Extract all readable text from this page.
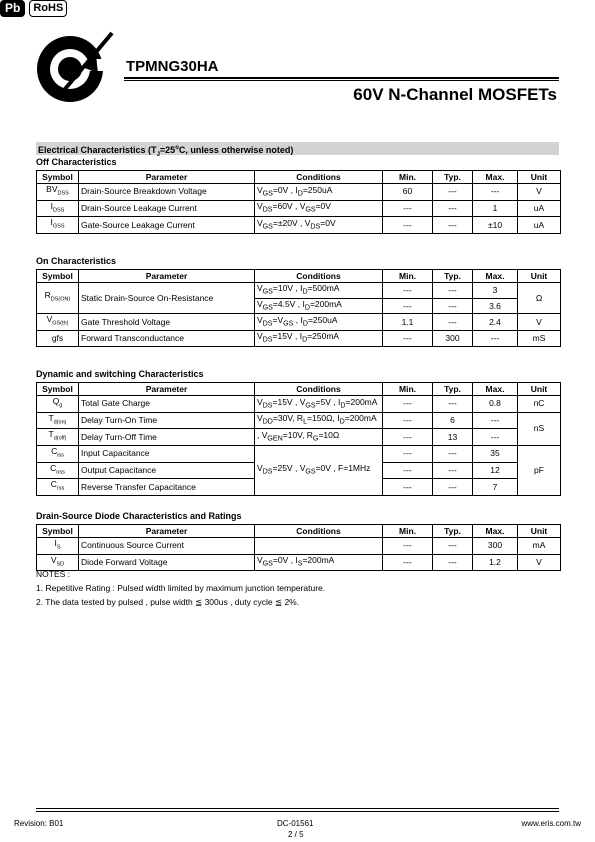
TPMNG30HA
60V N-Channel MOSFETs
Pb	RoHS
Electrical Characteristics ($T_J=25^oC$, unless otherwise noted)
Off Characteristics
Symbol	Parameter	Conditions	Min.	Typ.	Max.	Unit
$BV_{DSS}$	Drain-Source Breakdown Voltage	$V_{GS}=0V$ , $I_D=250uA$	60	---	---	V
$I_{DSS}$	Drain-Source Leakage Current	$V_{DS}=60V$ , $V_{GS}=0V$	---	---	1	uA
$I_{GSS}$	Gate-Source Leakage Current	$V_{GS}=\pm 20V$ , $V_{DS}=0V$	---	---	±10	uA
On Characteristics
Symbol	Parameter	Conditions	Min.	Typ.	Max.	Unit
$R_{DS(ON)}$	Static Drain-Source On-Resistance	$V_{GS}=10V$ , $I_D=500mA$	---	---	3	Ω
		$V_{GS}=4.5V$ , $I_D=200mA$	---	---	3.6	
$V_{GS(th)}$	Gate Threshold Voltage	$V_{DS}=V_{GS}$ , $I_D=250uA$	1.1	---	2.4	V
gfs	Forward Transconductance	$V_{DS}=15V$ , $I_D=250mA$	---	300	---	mS
Dynamic and switching Characteristics
Symbol	Parameter	Conditions	Min.	Typ.	Max.	Unit
$Q_g$	Total Gate Charge	$V_{DS}=15V$ , $V_{GS}=5V$ , $I_D=200mA$	---	---	0.8	nC
$T_{d(on)}$	Delay Turn-On Time	$V_{DD}=30V$, $R_L=150\Omega$, $I_D=200mA$	---	6	---	nS
$T_{d(off)}$	Delay Turn-Off Time	, $V_{GEN}=10V$, $R_G=10\Omega$	---	13	---	
$C_{iss}$	Input Capacitance	$V_{DS}=25V$ , $V_{GS}=0V$ , F=1MHz	---	---	35	pF
$C_{oss}$	Output Capacitance		---	---	12	
$C_{rss}$	Reverse Transfer Capacitance		---	---	7	
Drain-Source Diode Characteristics and Ratings
Symbol	Parameter	Conditions	Min.	Typ.	Max.	Unit
$I_S$	Continuous Source Current		---	---	300	mA
$V_{SD}$	Diode Forward Voltage	$V_{GS}=0V$ , $I_S=200mA$	---	---	1.2	V
NOTES :
1. Repetitive Rating : Pulsed width limited by maximum junction temperature.
2. The data tested by pulsed , pulse width ≦ 300us , duty cycle ≦ 2%.
Revision: B01	DC-01561
2 / 5
www.eris.com.tw
